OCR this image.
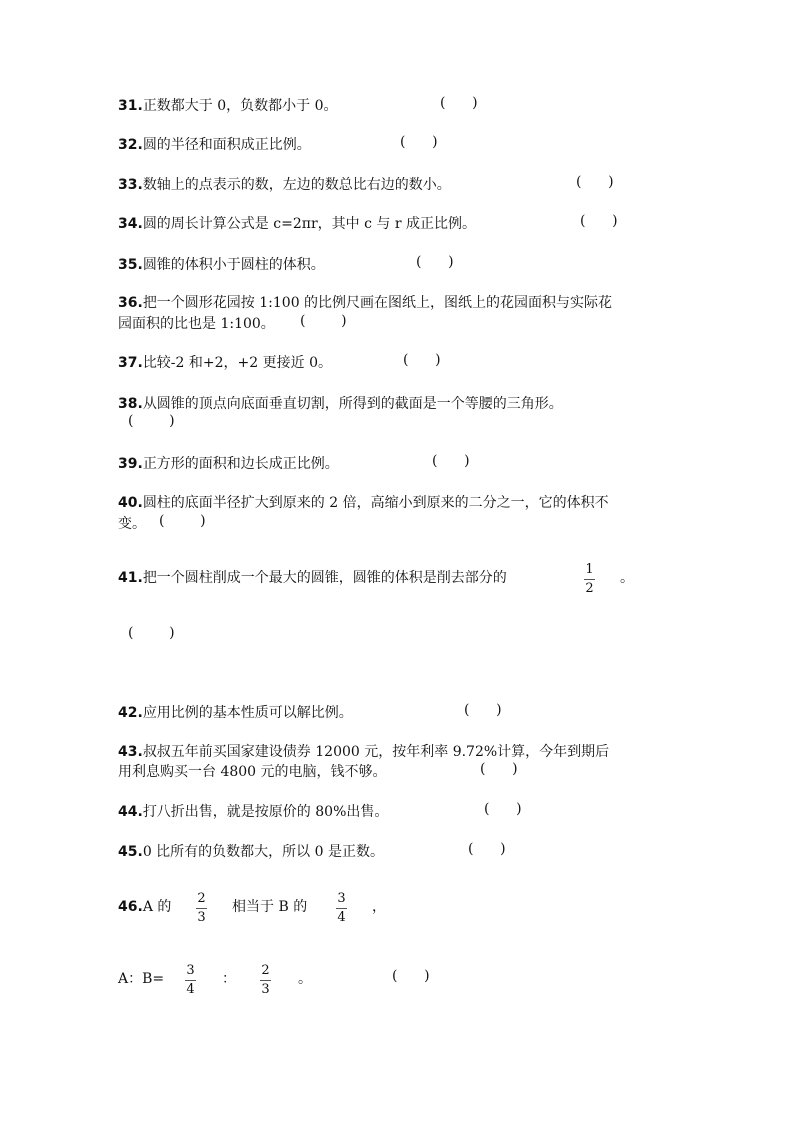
31.正数都大于 0，负数都小于 0。	(      )
32.圆的半径和面积成正比例。	(      )
33.数轴上的点表示的数，左边的数总比右边的数小。	(      )
34.圆的周长计算公式是 c=2πr，其中 c 与 r 成正比例。	(      )
35.圆锥的体积小于圆柱的体积。	(      )
36.把一个圆形花园按 1:100 的比例尺画在图纸上，图纸上的花园面积与实际花
园面积的比也是 1:100。 (        )
37.比较-2 和+2，+2 更接近 0。	(      )
38.从圆锥的顶点向底面垂直切割，所得到的截面是一个等腰的三角形。
(        )
39.正方形的面积和边长成正比例。	(      )
40.圆柱的底面半径扩大到原来的 2 倍，高缩小到原来的二分之一，它的体积不
变。 (        )
41.把一个圆柱削成一个最大的圆锥，圆锥的体积是削去部分的
1
2
。
(        )
42.应用比例的基本性质可以解比例。	(      )
43.叔叔五年前买国家建设债券 12000 元，按年利率 9.72%计算，今年到期后
用利息购买一台 4800 元的电脑，钱不够。	(      )
44.打八折出售，就是按原价的 80%出售。	(      )
45.0 比所有的负数都大，所以 0 是正数。	(      )
46.A 的
2
3
相当于 B 的
3
4
，
A：B=
3
4
：
2
3
。	(      )
